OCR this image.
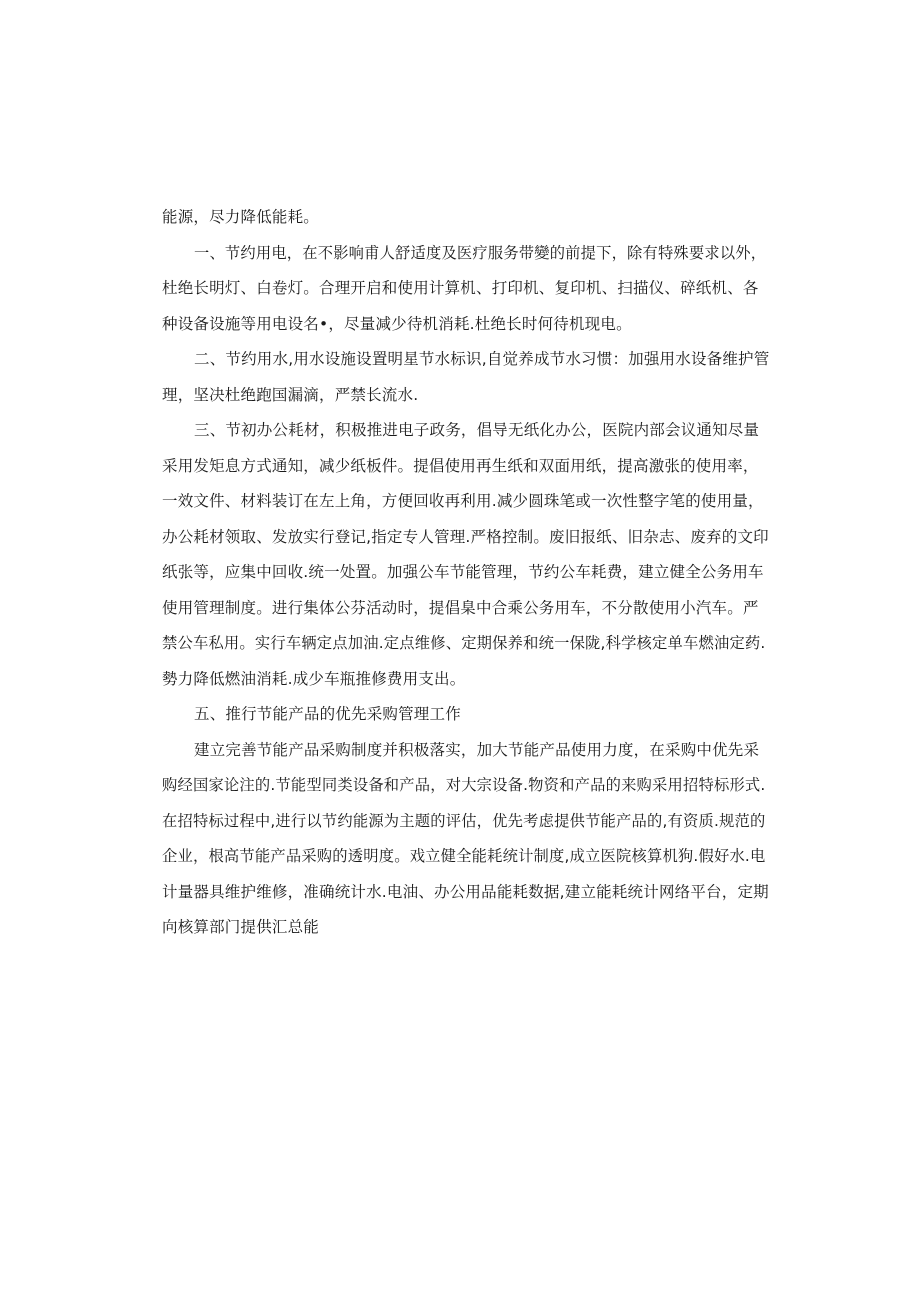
能源，尽力降低能耗。
一、节约用电，在不影响甫人舒适度及医疗服务带變的前提下，除有特殊要求以外，
杜绝长明灯、白卷灯。合理开启和使用计算机、打印机、复印机、扫描仪、碎纸机、各
种设备设施等用电设名•，尽量减少待机消耗.杜绝长时何待机现电。
二、节约用水,用水设施设置明星节水标识,自觉养成节水习惯：加强用水设备维护管
理，坚决杜绝跑国漏滴，严禁长流水.
三、节初办公耗材，积极推进电子政务，倡导无纸化办公，医院内部会议通知尽量
采用发矩息方式通知，减少纸板件。提倡使用再生纸和双面用纸，提高激张的使用率，
一效文件、材料装订在左上角，方便回收再利用.减少圆珠笔或一次性整字笔的使用量，
办公耗材领取、发放实行登记,指定专人管理.严格控制。废旧报纸、旧杂志、废弃的文印
纸张等，应集中回收.统一处置。加强公车节能管理，节约公车耗费，建立健全公务用车
使用管理制度。进行集体公芬活动时，提倡臬中合乘公务用车，不分散使用小汽车。严
禁公车私用。实行车辆定点加油.定点维修、定期保养和统一保陇,科学核定单车燃油定药.
勢力降低燃油消耗.成少车瓶推修费用支出。
五、推行节能产品的优先采购管理工作
建立完善节能产品采购制度并积极落实，加大节能产品使用力度，在采购中优先采
购经国家论注的.节能型同类设备和产品，对大宗设备.物资和产品的来购采用招特标形式.
在招特标过程中,进行以节约能源为主题的评估，优先考虑提供节能产品的,有资质.规范的
企业，根高节能产品采购的透明度。戏立健全能耗统计制度,成立医院核算机狗.假好水.电
计量器具维护维修，准确统计水.电油、办公用品能耗数据,建立能耗统计网络平台，定期
向核算部门提供汇总能
